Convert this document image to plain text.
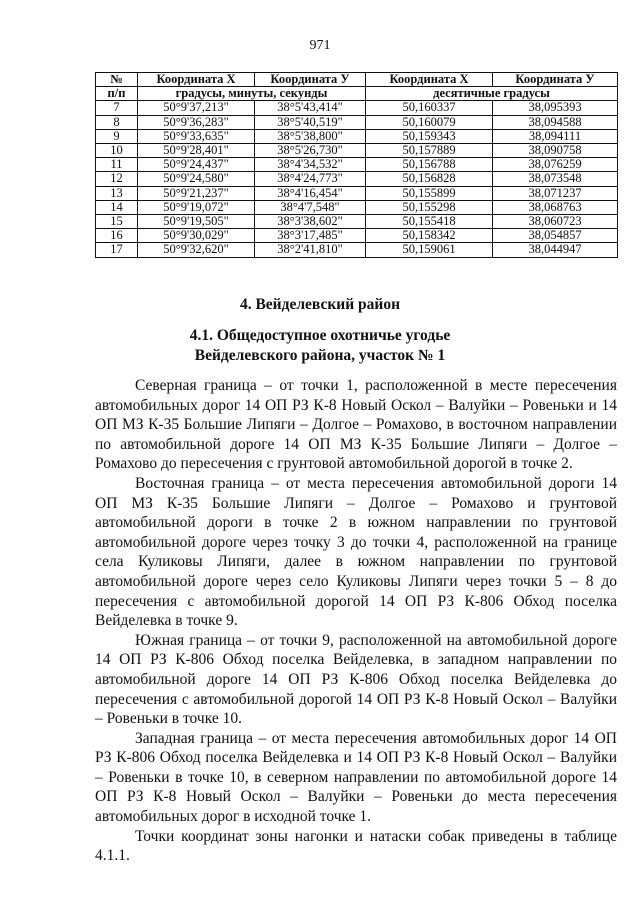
971
№	Координата X	Координата У	Координата X	Координата У
п/п	градусы, минуты, секунды		десятичные градусы	
7	50°9'37,213"	38°5'43,414"	50,160337	38,095393
8	50°9'36,283"	38°5'40,519"	50,160079	38,094588
9	50°9'33,635"	38°5'38,800"	50,159343	38,094111
10	50°9'28,401"	38°5'26,730"	50,157889	38,090758
11	50°9'24,437"	38°4'34,532"	50,156788	38,076259
12	50°9'24,580"	38°4'24,773"	50,156828	38,073548
13	50°9'21,237"	38°4'16,454"	50,155899	38,071237
14	50°9'19,072"	38°4'7,548"	50,155298	38,068763
15	50°9'19,505"	38°3'38,602"	50,155418	38,060723
16	50°9'30,029"	38°3'17,485"	50,158342	38,054857
17	50°9'32,620"	38°2'41,810"	50,159061	38,044947
4. Вейделевский район
4.1. Общедоступное охотничье угодье
Вейделевского района, участок № 1

Северная граница – от точки 1, расположенной в месте пересечения автомобильных дорог 14 ОП РЗ К-8 Новый Оскол – Валуйки – Ровеньки и 14 ОП МЗ К-35 Большие Липяги – Долгое – Ромахово, в восточном направлении по автомобильной дороге 14 ОП МЗ К-35 Большие Липяги – Долгое – Ромахово до пересечения с грунтовой автомобильной дорогой в точке 2.

Восточная граница – от места пересечения автомобильной дороги 14 ОП МЗ К-35 Большие Липяги – Долгое – Ромахово и грунтовой автомобильной дороги в точке 2 в южном направлении по грунтовой автомобильной дороге через точку 3 до точки 4, расположенной на границе села Куликовы Липяги, далее в южном направлении по грунтовой автомобильной дороге через село Куликовы Липяги через точки 5 – 8 до пересечения с автомобильной дорогой 14 ОП РЗ К-806 Обход поселка Вейделевка в точке 9.

Южная граница – от точки 9, расположенной на автомобильной дороге 14 ОП РЗ К-806 Обход поселка Вейделевка, в западном направлении по автомобильной дороге 14 ОП РЗ К-806 Обход поселка Вейделевка до пересечения с автомобильной дорогой 14 ОП РЗ К-8 Новый Оскол – Валуйки – Ровеньки в точке 10.

Западная граница – от места пересечения автомобильных дорог 14 ОП РЗ К-806 Обход поселка Вейделевка и 14 ОП РЗ К-8 Новый Оскол – Валуйки – Ровеньки в точке 10, в северном направлении по автомобильной дороге 14 ОП РЗ К-8 Новый Оскол – Валуйки – Ровеньки до места пересечения автомобильных дорог в исходной точке 1.

Точки координат зоны нагонки и натаски собак приведены в таблице 4.1.1.
